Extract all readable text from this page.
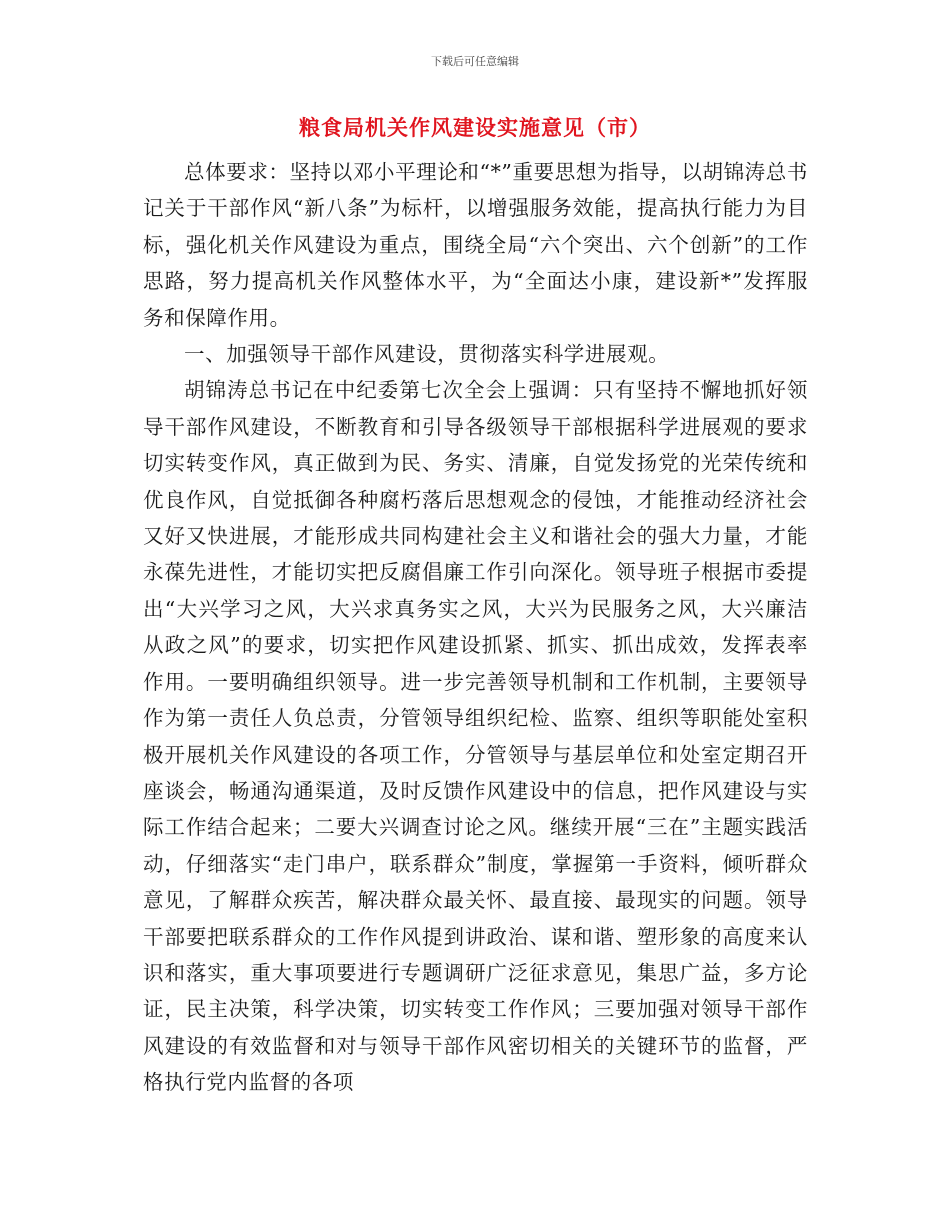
下载后可任意编辑
粮食局机关作风建设实施意见（市）

总体要求：坚持以邓小平理论和“*”重要思想为指导，以胡锦涛总书记关于干部作风“新八条”为标杆，以增强服务效能，提高执行能力为目标，强化机关作风建设为重点，围绕全局“六个突出、六个创新”的工作思路，努力提高机关作风整体水平，为“全面达小康，建设新*”发挥服务和保障作用。

一、加强领导干部作风建设，贯彻落实科学进展观。

胡锦涛总书记在中纪委第七次全会上强调：只有坚持不懈地抓好领导干部作风建设，不断教育和引导各级领导干部根据科学进展观的要求切实转变作风，真正做到为民、务实、清廉，自觉发扬党的光荣传统和优良作风，自觉抵御各种腐朽落后思想观念的侵蚀，才能推动经济社会又好又快进展，才能形成共同构建社会主义和谐社会的强大力量，才能永葆先进性，才能切实把反腐倡廉工作引向深化。领导班子根据市委提出“大兴学习之风，大兴求真务实之风，大兴为民服务之风，大兴廉洁从政之风”的要求，切实把作风建设抓紧、抓实、抓出成效，发挥表率作用。一要明确组织领导。进一步完善领导机制和工作机制，主要领导作为第一责任人负总责，分管领导组织纪检、监察、组织等职能处室积极开展机关作风建设的各项工作，分管领导与基层单位和处室定期召开座谈会，畅通沟通渠道，及时反馈作风建设中的信息，把作风建设与实际工作结合起来；二要大兴调查讨论之风。继续开展“三在”主题实践活动，仔细落实“走门串户，联系群众”制度，掌握第一手资料，倾听群众意见，了解群众疾苦，解决群众最关怀、最直接、最现实的问题。领导干部要把联系群众的工作作风提到讲政治、谋和谐、塑形象的高度来认识和落实，重大事项要进行专题调研广泛征求意见，集思广益，多方论证，民主决策，科学决策，切实转变工作作风；三要加强对领导干部作风建设的有效监督和对与领导干部作风密切相关的关键环节的监督，严格执行党内监督的各项
